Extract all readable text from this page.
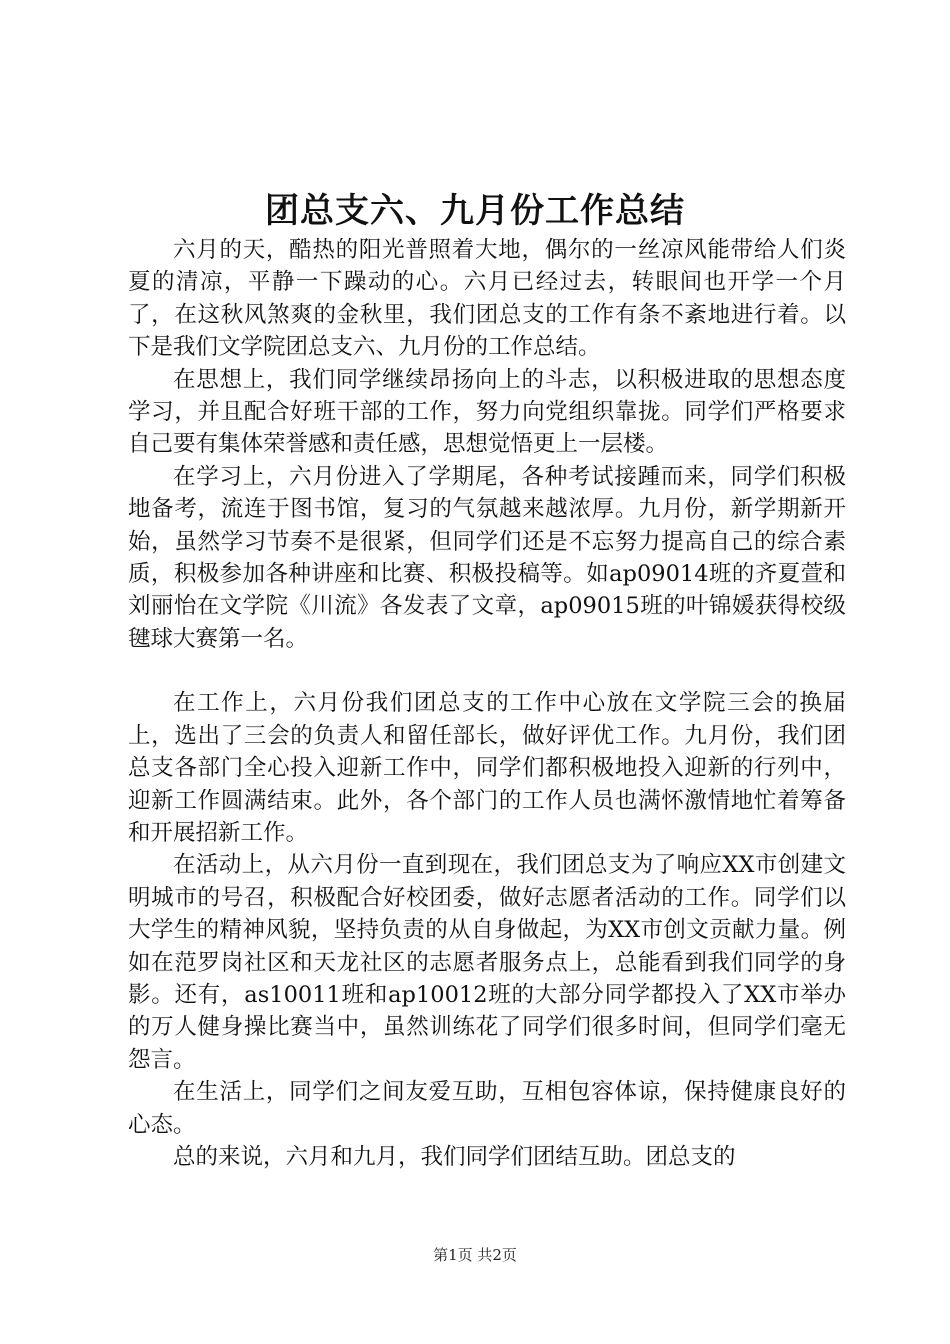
团总支六、九月份工作总结

六月的天，酷热的阳光普照着大地，偶尔的一丝凉风能带给人们炎夏的清凉，平静一下躁动的心。六月已经过去，转眼间也开学一个月了，在这秋风煞爽的金秋里，我们团总支的工作有条不紊地进行着。以下是我们文学院团总支六、九月份的工作总结。

在思想上，我们同学继续昂扬向上的斗志，以积极进取的思想态度学习，并且配合好班干部的工作，努力向党组织靠拢。同学们严格要求自己要有集体荣誉感和责任感，思想觉悟更上一层楼。

在学习上，六月份进入了学期尾，各种考试接踵而来，同学们积极地备考，流连于图书馆，复习的气氛越来越浓厚。九月份，新学期新开始，虽然学习节奏不是很紧，但同学们还是不忘努力提高自己的综合素质，积极参加各种讲座和比赛、积极投稿等。如ap09014班的齐夏萱和刘丽怡在文学院《川流》各发表了文章，ap09015班的叶锦媛获得校级毽球大赛第一名。

在工作上，六月份我们团总支的工作中心放在文学院三会的换届上，选出了三会的负责人和留任部长，做好评优工作。九月份，我们团总支各部门全心投入迎新工作中，同学们都积极地投入迎新的行列中，迎新工作圆满结束。此外，各个部门的工作人员也满怀激情地忙着筹备和开展招新工作。

在活动上，从六月份一直到现在，我们团总支为了响应XX市创建文明城市的号召，积极配合好校团委，做好志愿者活动的工作。同学们以大学生的精神风貌，坚持负责的从自身做起，为XX市创文贡献力量。例如在范罗岗社区和天龙社区的志愿者服务点上，总能看到我们同学的身影。还有，as10011班和ap10012班的大部分同学都投入了XX市举办的万人健身操比赛当中，虽然训练花了同学们很多时间，但同学们毫无怨言。

在生活上，同学们之间友爱互助，互相包容体谅，保持健康良好的心态。

总的来说，六月和九月，我们同学们团结互助。团总支的

第1页 共2页
